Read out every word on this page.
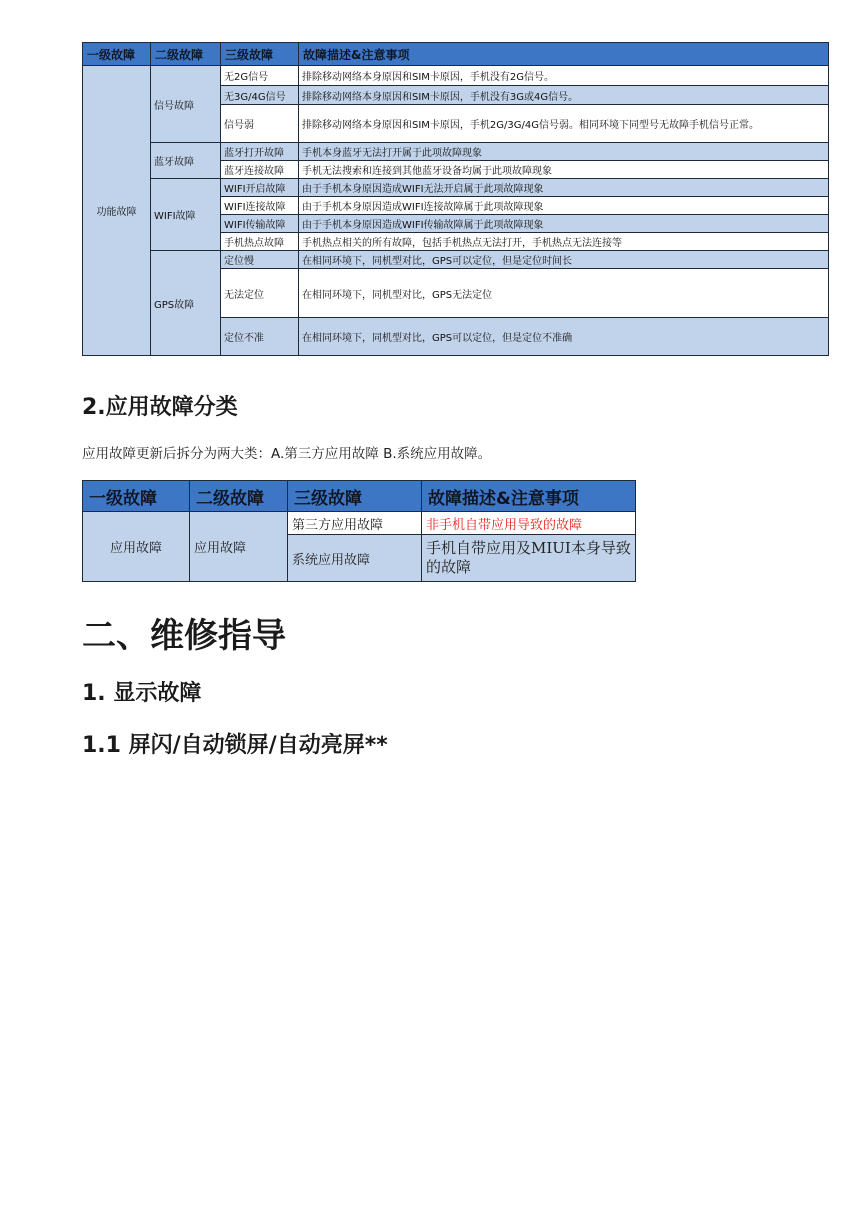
一级故障	二级故障	三级故障	故障描述&注意事项
功能故障	信号故障	无2G信号	排除移动网络本身原因和SIM卡原因，手机没有2G信号。
		无3G/4G信号	排除移动网络本身原因和SIM卡原因，手机没有3G或4G信号。
		信号弱	排除移动网络本身原因和SIM卡原因，手机2G/3G/4G信号弱。相同环境下同型号无故障手机信号正常。
	蓝牙故障	蓝牙打开故障	手机本身蓝牙无法打开属于此项故障现象
		蓝牙连接故障	手机无法搜索和连接到其他蓝牙设备均属于此项故障现象
	WIFI故障	WIFI开启故障	由于手机本身原因造成WIFI无法开启属于此项故障现象
		WIFI连接故障	由于手机本身原因造成WIFI连接故障属于此项故障现象
		WIFI传输故障	由于手机本身原因造成WIFI传输故障属于此项故障现象
		手机热点故障	手机热点相关的所有故障，包括手机热点无法打开，手机热点无法连接等
	GPS故障	定位慢	在相同环境下，同机型对比，GPS可以定位，但是定位时间长
		无法定位	在相同环境下，同机型对比，GPS无法定位
		定位不准	在相同环境下，同机型对比，GPS可以定位，但是定位不准确
2.应用故障分类

应用故障更新后拆分为两大类：A.第三方应用故障 B.系统应用故障。

一级故障	二级故障	三级故障	故障描述&注意事项
应用故障	应用故障	第三方应用故障	非手机自带应用导致的故障
		系统应用故障	手机自带应用及MIUI本身导致的故障
二、维修指导
1. 显示故障
1.1 屏闪/自动锁屏/自动亮屏**
